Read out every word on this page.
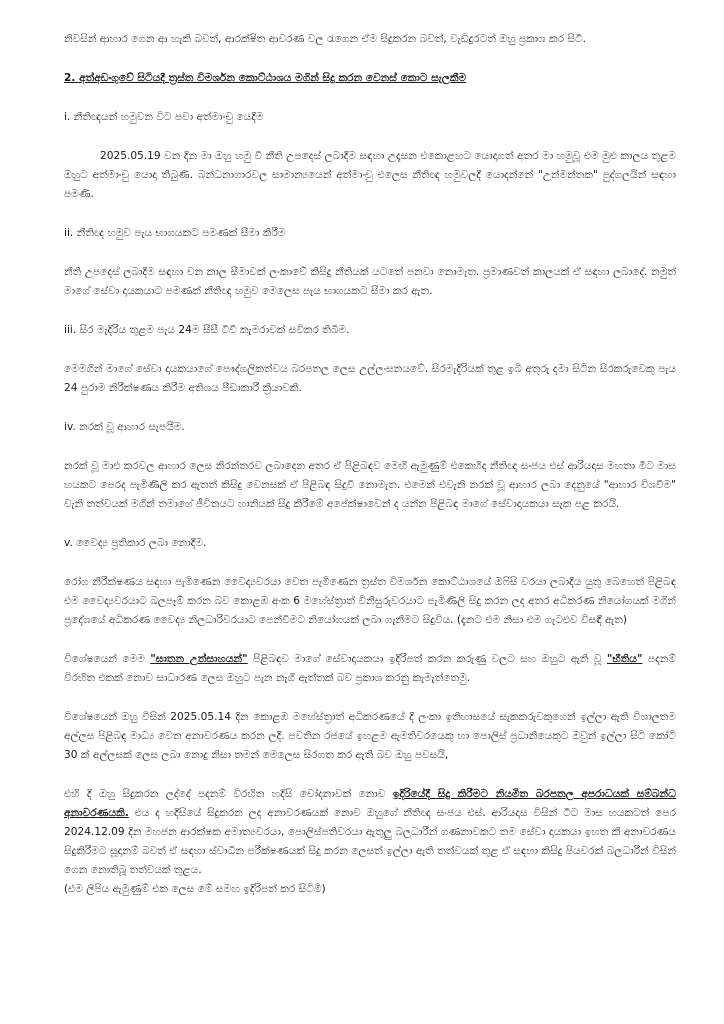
නිවසින් ආහාර ගෙන ආ හැකි බවත්, ආරක්ෂිත ආවරණ වල රැගෙන ඒම සිදුකරන බවත්, වැඩිදුරටත් ඔහු ප්‍රකාශ කර සිටී.

2. අත්අඩංගුවේ සිටියදී ත්‍රස්ත විමර්ශන කොට්ඨාශය මගින් සිදු කරන වෙනස් කොට සැලකීම

i. නීතිඥයන් හමුවන විට පවා අත්මාංචු යෙදීම

2025.05.19 වන දින මා ඔහු හමු වී නීති උපදෙස් ලබාදීම සඳහා උදෑසන එකොළහට යොදාගත් අතර මා හමුවූ එම මුළු කාලය තුළම ඔහුට අත්මාංචු යොදා තිබුණි. බන්ධනාගාරවල සාමාන්‍යයෙන් අත්මාංචු එලෙස නීතිඥ හමුවලදී යොදන්නේ "උන්මන්තක" පුද්ගලයින් සඳහා පමණි.

ii. නීතිඥ හමුව පැය භාගයකට පමණක් සීමා කිරීම

නීති උපදෙස් ලබාදීම සඳහා වන කාල සීමාවක් ලංකාවේ කිසිදු නීතියක් යටතේ පනවා නොමැත. ප්‍රමාණවත් කාලයක් ඒ සඳහා ලබාදේ. නමුත් මාගේ සේවා දායකයාට පමණක් නීතිඥ හමුව මෙලෙස පැය භාගයකට සීමා කර ඇත.

iii. සිර මැදිරිය තුළම පැය 24ම සීසී ටීවී කැමරාවක් සවිකර තිබීම.

මෙමගින් මාගේ සේවා දායකයාගේ පෞද්ගලිකත්වය බරපතල ලෙස උල්ලංඝනයවේ. සිරමැදිරියක් තුළ ඉබි අතුරු දමා සිටින සිරකරුවෙකු පැය 24 පුරාම නිරීක්ෂණය කිරීම අතිශය පීඩාකාරී ක්‍රියාවකි.

iv. නරක් වූ ආහාර සැපයීම.

නරක් වූ මාළු කරවල ආහාර ලෙස නිරන්තරව ලබාදෙන අතර ඒ පිළිබඳව මෙහි ඇමුණුම් එකෙහිද නීතිඥ සංජය එස් ආරියදාස මහතා මීට මාස හයකට පෙරද පැමිණිලි කර ඇතත් කිසිදු වෙනසක් ඒ පිළිබඳ සිදුවී නොමැත. එමෙන් එවැනි නරක් වූ ආහාර ලබා දෙනුයේ "ආහාර විශවීම" වැනි තත්වයක් මගින් තමාගේ ජීවිතයට හානියක් සිදු කිරීමේ අපේක්ෂාවෙන් ද යන්න පිළිබඳ මාගේ සේවාදායකයා සැක පළ කරයි.

v. වෛද්‍ය ප්‍රතිකාර ලබා නොදීම.

රෝග නිරීක්ෂණය සඳහා පැමිණෙන වෛද්‍යවරයා වෙත පැමිණෙන ත්‍රස්ත විමර්ශන කොට්ඨාශයේ ඔෆිසි වරයා ලබාදිය යුතු බෙහෙත් පිළිබඳ එම වෛද්‍යවරයාට බලපෑම් කරන බව කොළඹ අංක 6 මහේස්ත්‍රාත් විනිසුරුවරයාට පැමිණිලි සිදු කරන ලද අතර අධිකරණ නියෝගයක් මගින් ප්‍රදේශයේ අධිකරණ වෛද්‍ය නිලධාරිවරයාට පෙන්වීමට නියෝගයක් ලබා ගැනීමට සිදුවිය. (දැනට එම නිසා එම ගැටළුව විසඳී ඇත)

විශේෂයෙන් මෙම "ඝාතන උත්සාහයන්" පිළිබඳව මාගේ සේවාදායකයා ඉදිරිපත් කරන කරුණු වලට සහ ඔහුට ඇති වූ "භීතිය" පදනම් විරහිත එකක් නොව සාධාරණ ලෙස ඔහුට පැන නැගී ඇත්තක් බව ප්‍රකාශ කරනු කැමැත්තෙමු.

විශේෂයෙන් ඔහු විසින් 2025.05.14 දින කොළඹ මහේස්ත්‍රාත් අධිකරණයේ දී ලංකා ඉතිහාසයේ සැකකරුවකුගෙන් ඉල්ලා ඇති විශාලතම අල්ලස පිළිබඳ මාධ්‍ය වෙත අනාවරණය කරන ලදී. පවතින රජයේ ඉහළම ඇමතිවරයෙකු හා පොලිස් ප්‍රධානියෙකුට ඔවුන් ඉල්ලා සිටි කෝටි 30 ක් අල්ලසක් ලෙස ලබා නොදු නිසා තමන් මෙලෙස සිරගත කර ඇති බව ඔහු පවසයි,

එහි දී ඔහු සිදුකරන ලද්දේ පදනම් විරහිත හදිසි චෝදනාවක් නොව ඉදිරියේදී සිදු කිරීමට නියමිත බරපතල අපරාධයක් සම්බන්ධ අනාවරණයකි. එය ද හදිසියේ සිදුකරන ලද අනාවරණයක් නොව ඔහුගේ නීතිඥ සංජය එස්. ආරියදාස විසින් ටීට මාස හයකටත් පෙර 2024.12.09 දින මහජන ආරක්ෂක අමාත්‍යවරයා, පොලිස්පතිවරයා ඇතුලු බලධාරීන් ගණනාවකට තම සේවා දායකයා ඉහත කී අනාවරණය සිදුකිරීමට සූදානම් බවත් ඒ සඳහා ස්වාධීන පරීක්ෂණයක් සිදු කරන ලෙසත් ඉල්ලා ඇති තත්වයක් තුළ ඒ සඳහා කිසිදු පියවරක් බලධාරීන් විසින් ගෙන නොතිබූ තත්වයක් තුළය.

(එම ලිපිය ඇමුණුම් එක ලෙස මේ සමඟ ඉදිරිපත් කර සිටිමි)
